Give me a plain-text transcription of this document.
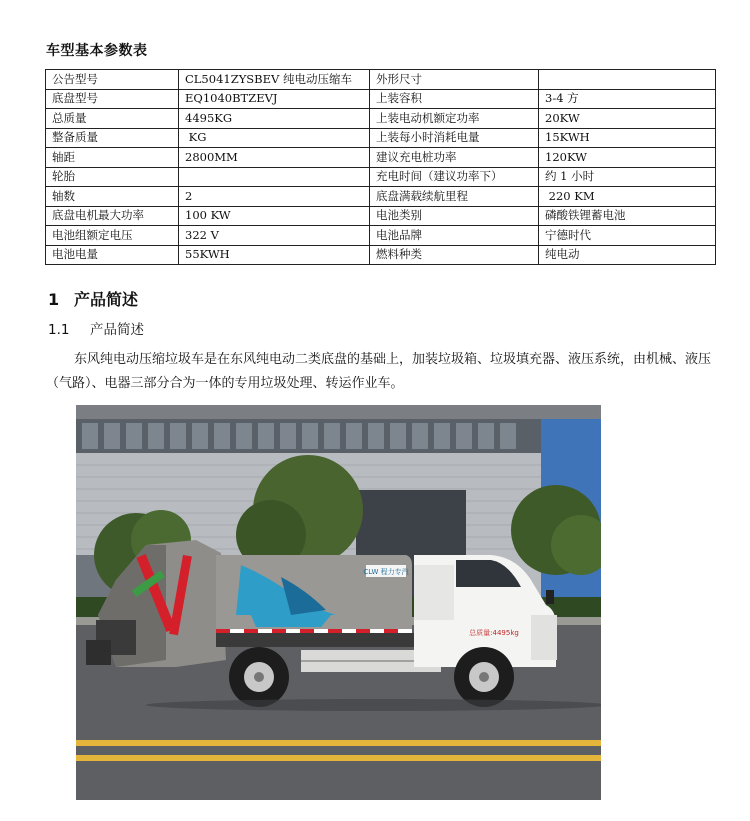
车型基本参数表
公告型号	CL5041ZYSBEV 纯电动压缩车	外形尺寸	
底盘型号	EQ1040BTZEVJ	上装容积	3-4 方
总质量	4495KG	上装电动机额定功率	20KW
整备质量	KG	上装每小时消耗电量	15KWH
轴距	2800MM	建议充电桩功率	120KW
轮胎		充电时间（建议功率下）	约 1 小时
轴数	2	底盘满载续航里程	220 KM
底盘电机最大功率	100 KW	电池类别	磷酸铁锂蓄电池
电池组额定电压	322 V	电池品牌	宁德时代
电池电量	55KWH	燃料种类	纯电动
1 产品简述
1.1 产品简述
东风纯电动压缩垃圾车是在东风纯电动二类底盘的基础上，加装垃圾箱、垃圾填充器、液压系统，由机械、液压（气路）、电器三部分合为一体的专用垃圾处理、转运作业车。
CLW 程力专汽
总质量:4495kg
